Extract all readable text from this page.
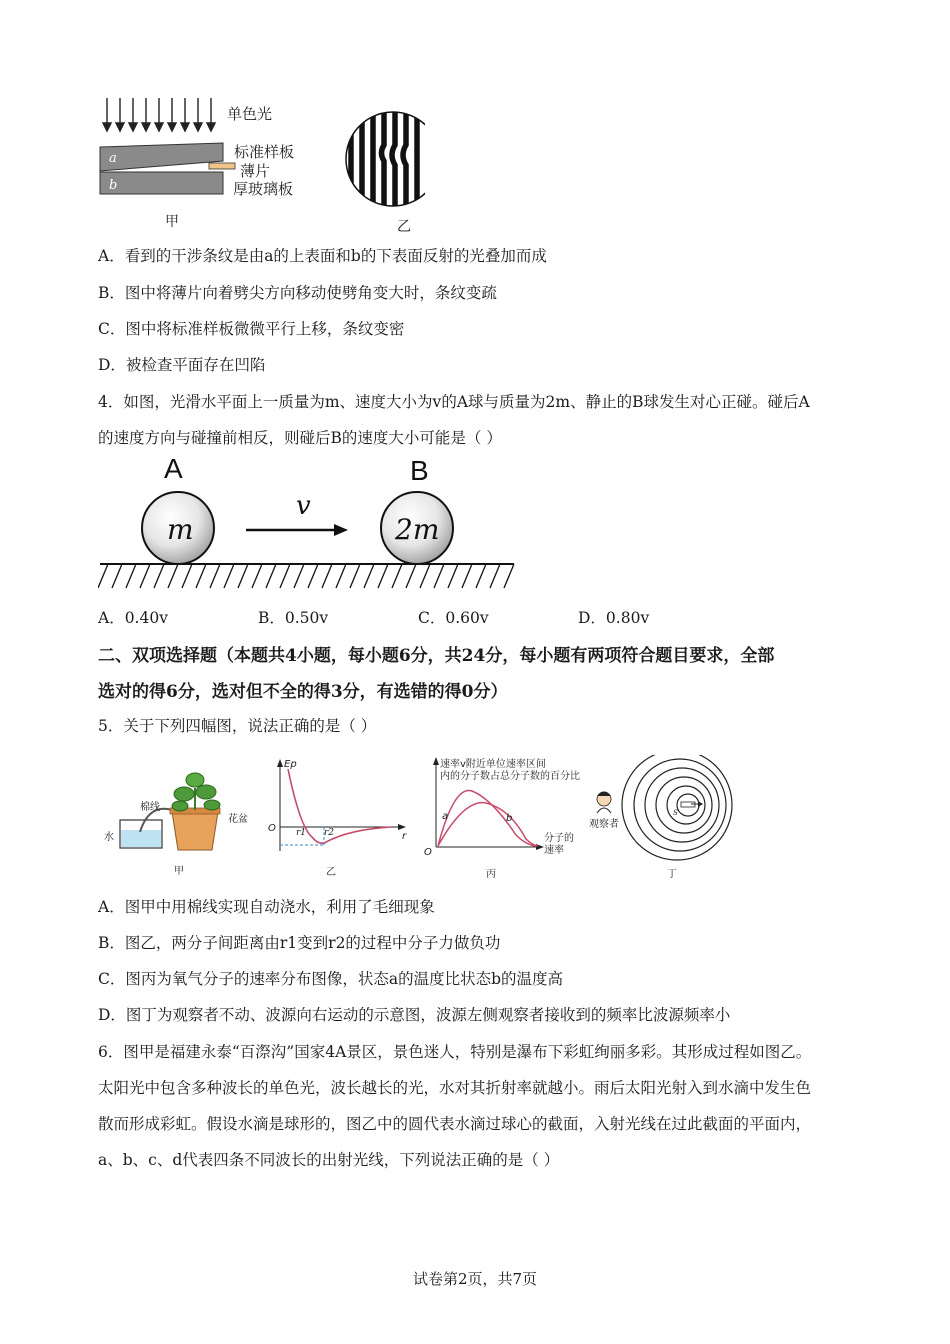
a
b
单色光
标准样板
薄片
厚玻璃板
甲	乙
A．看到的干涉条纹是由a的上表面和b的下表面反射的光叠加而成
B．图中将薄片向着劈尖方向移动使劈角变大时，条纹变疏
C．图中将标准样板微微平行上移，条纹变密
D．被检查平面存在凹陷
4．如图，光滑水平面上一质量为m、速度大小为v的A球与质量为2m、静止的B球发生对心正碰。碰后A
的速度方向与碰撞前相反，则碰后B的速度大小可能是（ ）
A	B
m	2m
v
A．0.40v	B．0.50v	C．0.60v	D．0.80v
二、双项选择题（本题共4小题，每小题6分，共24分，每小题有两项符合题目要求，全部
选对的得6分，选对但不全的得3分，有选错的得0分）
5．关于下列四幅图，说法正确的是（ ）
棉线
花盆
水
甲
Ep
O
r
r1 r2
乙
速率v附近单位速率区间
内的分子数占总分子数的百分比
a	b
O
分子的
速率
丙
S
观察者
丁
A．图甲中用棉线实现自动浇水，利用了毛细现象
B．图乙，两分子间距离由r1变到r2的过程中分子力做负功
C．图丙为氧气分子的速率分布图像，状态a的温度比状态b的温度高
D．图丁为观察者不动、波源向右运动的示意图，波源左侧观察者接收到的频率比波源频率小
6．图甲是福建永泰“百漈沟”国家4A景区，景色迷人，特别是瀑布下彩虹绚丽多彩。其形成过程如图乙。
太阳光中包含多种波长的单色光，波长越长的光，水对其折射率就越小。雨后太阳光射入到水滴中发生色
散而形成彩虹。假设水滴是球形的，图乙中的圆代表水滴过球心的截面，入射光线在过此截面的平面内，
a、b、c、d代表四条不同波长的出射光线，下列说法正确的是（ ）
试卷第2页，共7页
